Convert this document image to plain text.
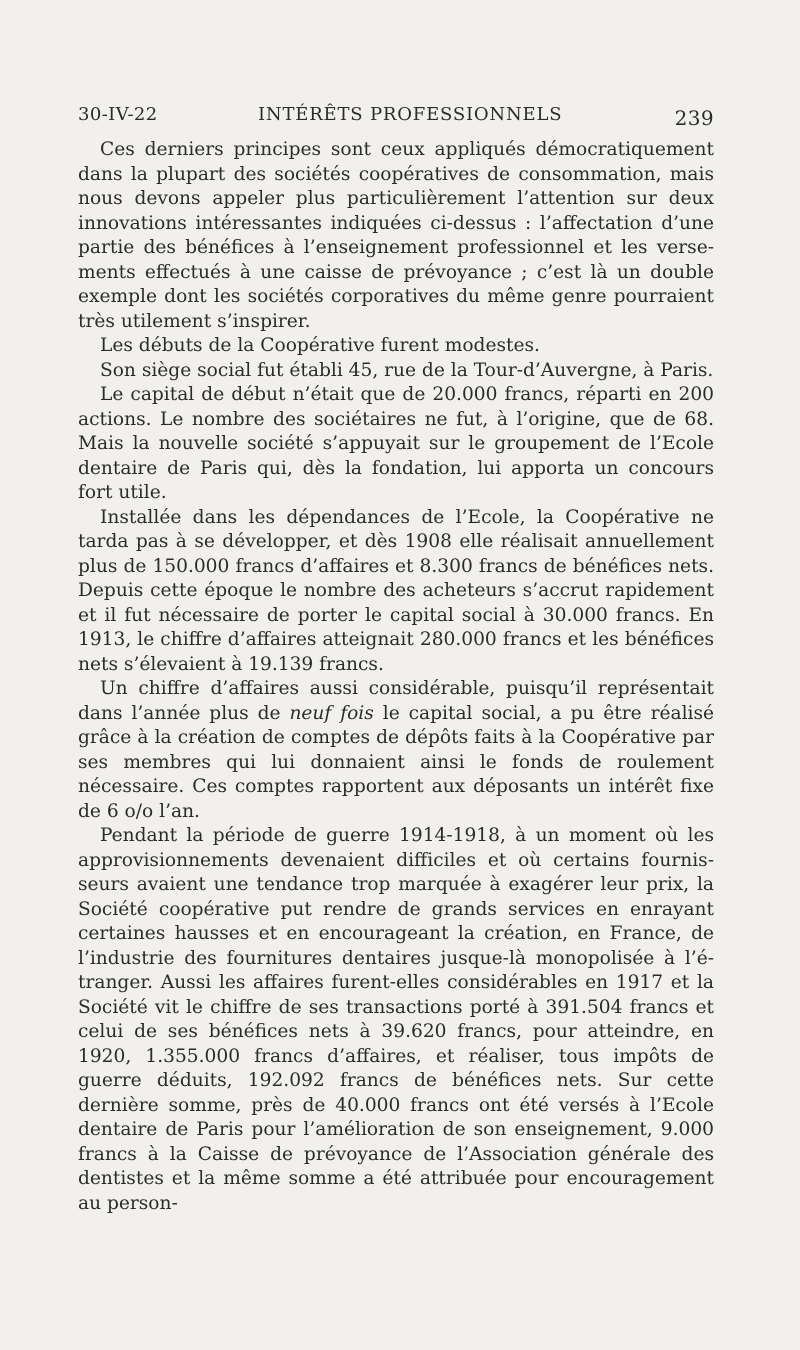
30-IV-22	INTÉRÊTS PROFESSIONNELS	239

Ces derniers principes sont ceux appliqués démocratiquement dans la plupart des sociétés coopératives de consommation, mais nous devons appeler plus particulièrement l’attention sur deux innovations intéressantes indiquées ci-dessus : l’affectation d’une partie des bénéfices à l’enseignement professionnel et les versements effectués à une caisse de prévoyance ; c’est là un double exemple dont les sociétés corporatives du même genre pourraient très utilement s’inspirer.

Les débuts de la Coopérative furent modestes.

Son siège social fut établi 45, rue de la Tour-d’Auvergne, à Paris.

Le capital de début n’était que de 20.000 francs, réparti en 200 actions. Le nombre des sociétaires ne fut, à l’origine, que de 68. Mais la nouvelle société s’appuyait sur le groupement de l’Ecole dentaire de Paris qui, dès la fondation, lui apporta un concours fort utile.

Installée dans les dépendances de l’Ecole, la Coopérative ne tarda pas à se développer, et dès 1908 elle réalisait annuellement plus de 150.000 francs d’affaires et 8.300 francs de bénéfices nets. Depuis cette époque le nombre des acheteurs s’accrut rapidement et il fut nécessaire de porter le capital social à 30.000 francs. En 1913, le chiffre d’affaires atteignait 280.000 francs et les bénéfices nets s’élevaient à 19.139 francs.

Un chiffre d’affaires aussi considérable, puisqu’il représentait dans l’année plus de neuf fois le capital social, a pu être réalisé grâce à la création de comptes de dépôts faits à la Coopérative par ses membres qui lui donnaient ainsi le fonds de roulement nécessaire. Ces comptes rapportent aux déposants un intérêt fixe de 6 o/o l’an.

Pendant la période de guerre 1914-1918, à un moment où les approvisionnements devenaient difficiles et où certains fournisseurs avaient une tendance trop marquée à exagérer leur prix, la Société coopérative put rendre de grands services en enrayant certaines hausses et en encourageant la création, en France, de l’industrie des fournitures dentaires jusque-là monopolisée à l’étranger. Aussi les affaires furent-elles considérables en 1917 et la Société vit le chiffre de ses transactions porté à 391.504 francs et celui de ses bénéfices nets à 39.620 francs, pour atteindre, en 1920, 1.355.000 francs d’affaires, et réaliser, tous impôts de guerre déduits, 192.092 francs de bénéfices nets. Sur cette dernière somme, près de 40.000 francs ont été versés à l’Ecole dentaire de Paris pour l’amélioration de son enseignement, 9.000 francs à la Caisse de prévoyance de l’Association générale des dentistes et la même somme a été attribuée pour encouragement au person-
